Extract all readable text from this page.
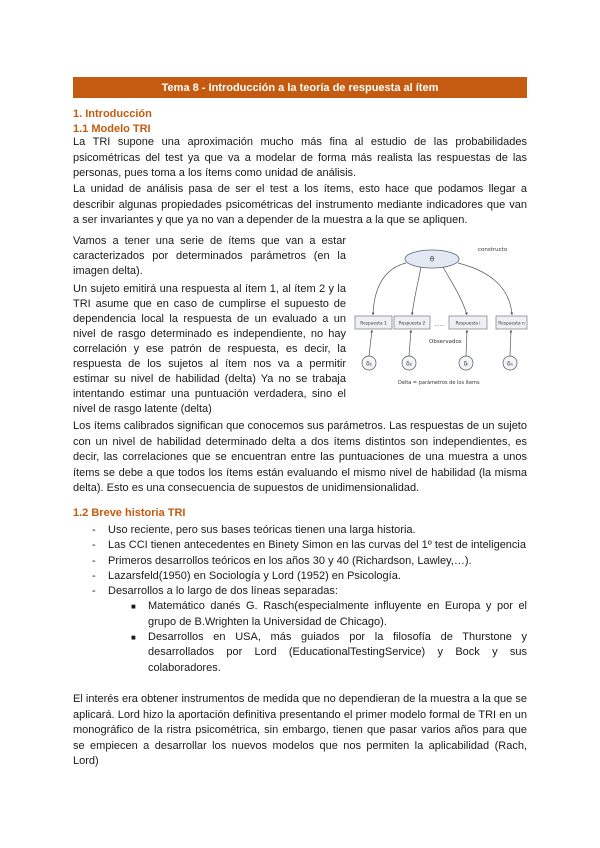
Tema 8 - Introducción a la teoría de respuesta al ítem
1. Introducción
1.1 Modelo TRI

La TRI supone una aproximación mucho más fina al estudio de las probabilidades psicométricas del test ya que va a modelar de forma más realista las respuestas de las personas, pues toma a los ítems como unidad de análisis.

La unidad de análisis pasa de ser el test a los ítems, esto hace que podamos llegar a describir algunas propiedades psicométricas del instrumento mediante indicadores que van a ser invariantes y que ya no van a depender de la muestra a la que se apliquen.

Vamos a tener una serie de ítems que van a estar caracterizados por determinados parámetros (en la imagen delta).

Un sujeto emitirá una respuesta al ítem 1, al ítem 2 y la TRI asume que en caso de cumplirse el supuesto de dependencia local la respuesta de un evaluado a un nivel de rasgo determinado es independiente, no hay correlación y ese patrón de respuesta, es decir, la respuesta de los sujetos al ítem nos va a permitir estimar su nivel de habilidad (delta) Ya no se trabaja intentando estimar una puntuación verdadera, sino el nivel de rasgo latente (delta)

θ
constructo
Respuesta 1	Respuesta 2	Respuesta i	Respuesta n
......
Observados
δ₁	δ₂	δᵢ	δₙ
Delta = parámetros de los ítems

Los ítems calibrados significan que conocemos sus parámetros. Las respuestas de un sujeto con un nivel de habilidad determinado delta a dos ítems distintos son independientes, es decir, las correlaciones que se encuentran entre las puntuaciones de una muestra a unos ítems se debe a que todos los ítems están evaluando el mismo nivel de habilidad (la misma delta). Esto es una consecuencia de supuestos de unidimensionalidad.

1.2 Breve historia TRI
- Uso reciente, pero sus bases teóricas tienen una larga historia.
- Las CCI tienen antecedentes en Binety Simon en las curvas del 1º test de inteligencia
- Primeros desarrollos teóricos en los años 30 y 40 (Richardson, Lawley,…).
- Lazarsfeld(1950) en Sociología y Lord (1952) en Psicología.
- Desarrollos a lo largo de dos líneas separadas:
■ Matemático danés G. Rasch(especialmente influyente en Europa y por el grupo de B.Wrighten la Universidad de Chicago).
■ Desarrollos en USA, más guiados por la filosofía de Thurstone y desarrollados por Lord (EducationalTestingService) y Bock y sus colaboradores.

El interés era obtener instrumentos de medida que no dependieran de la muestra a la que se aplicará. Lord hizo la aportación definitiva presentando el primer modelo formal de TRI en un monográfico de la ristra psicométrica, sin embargo, tienen que pasar varios años para que se empiecen a desarrollar los nuevos modelos que nos permiten la aplicabilidad (Rach, Lord)
